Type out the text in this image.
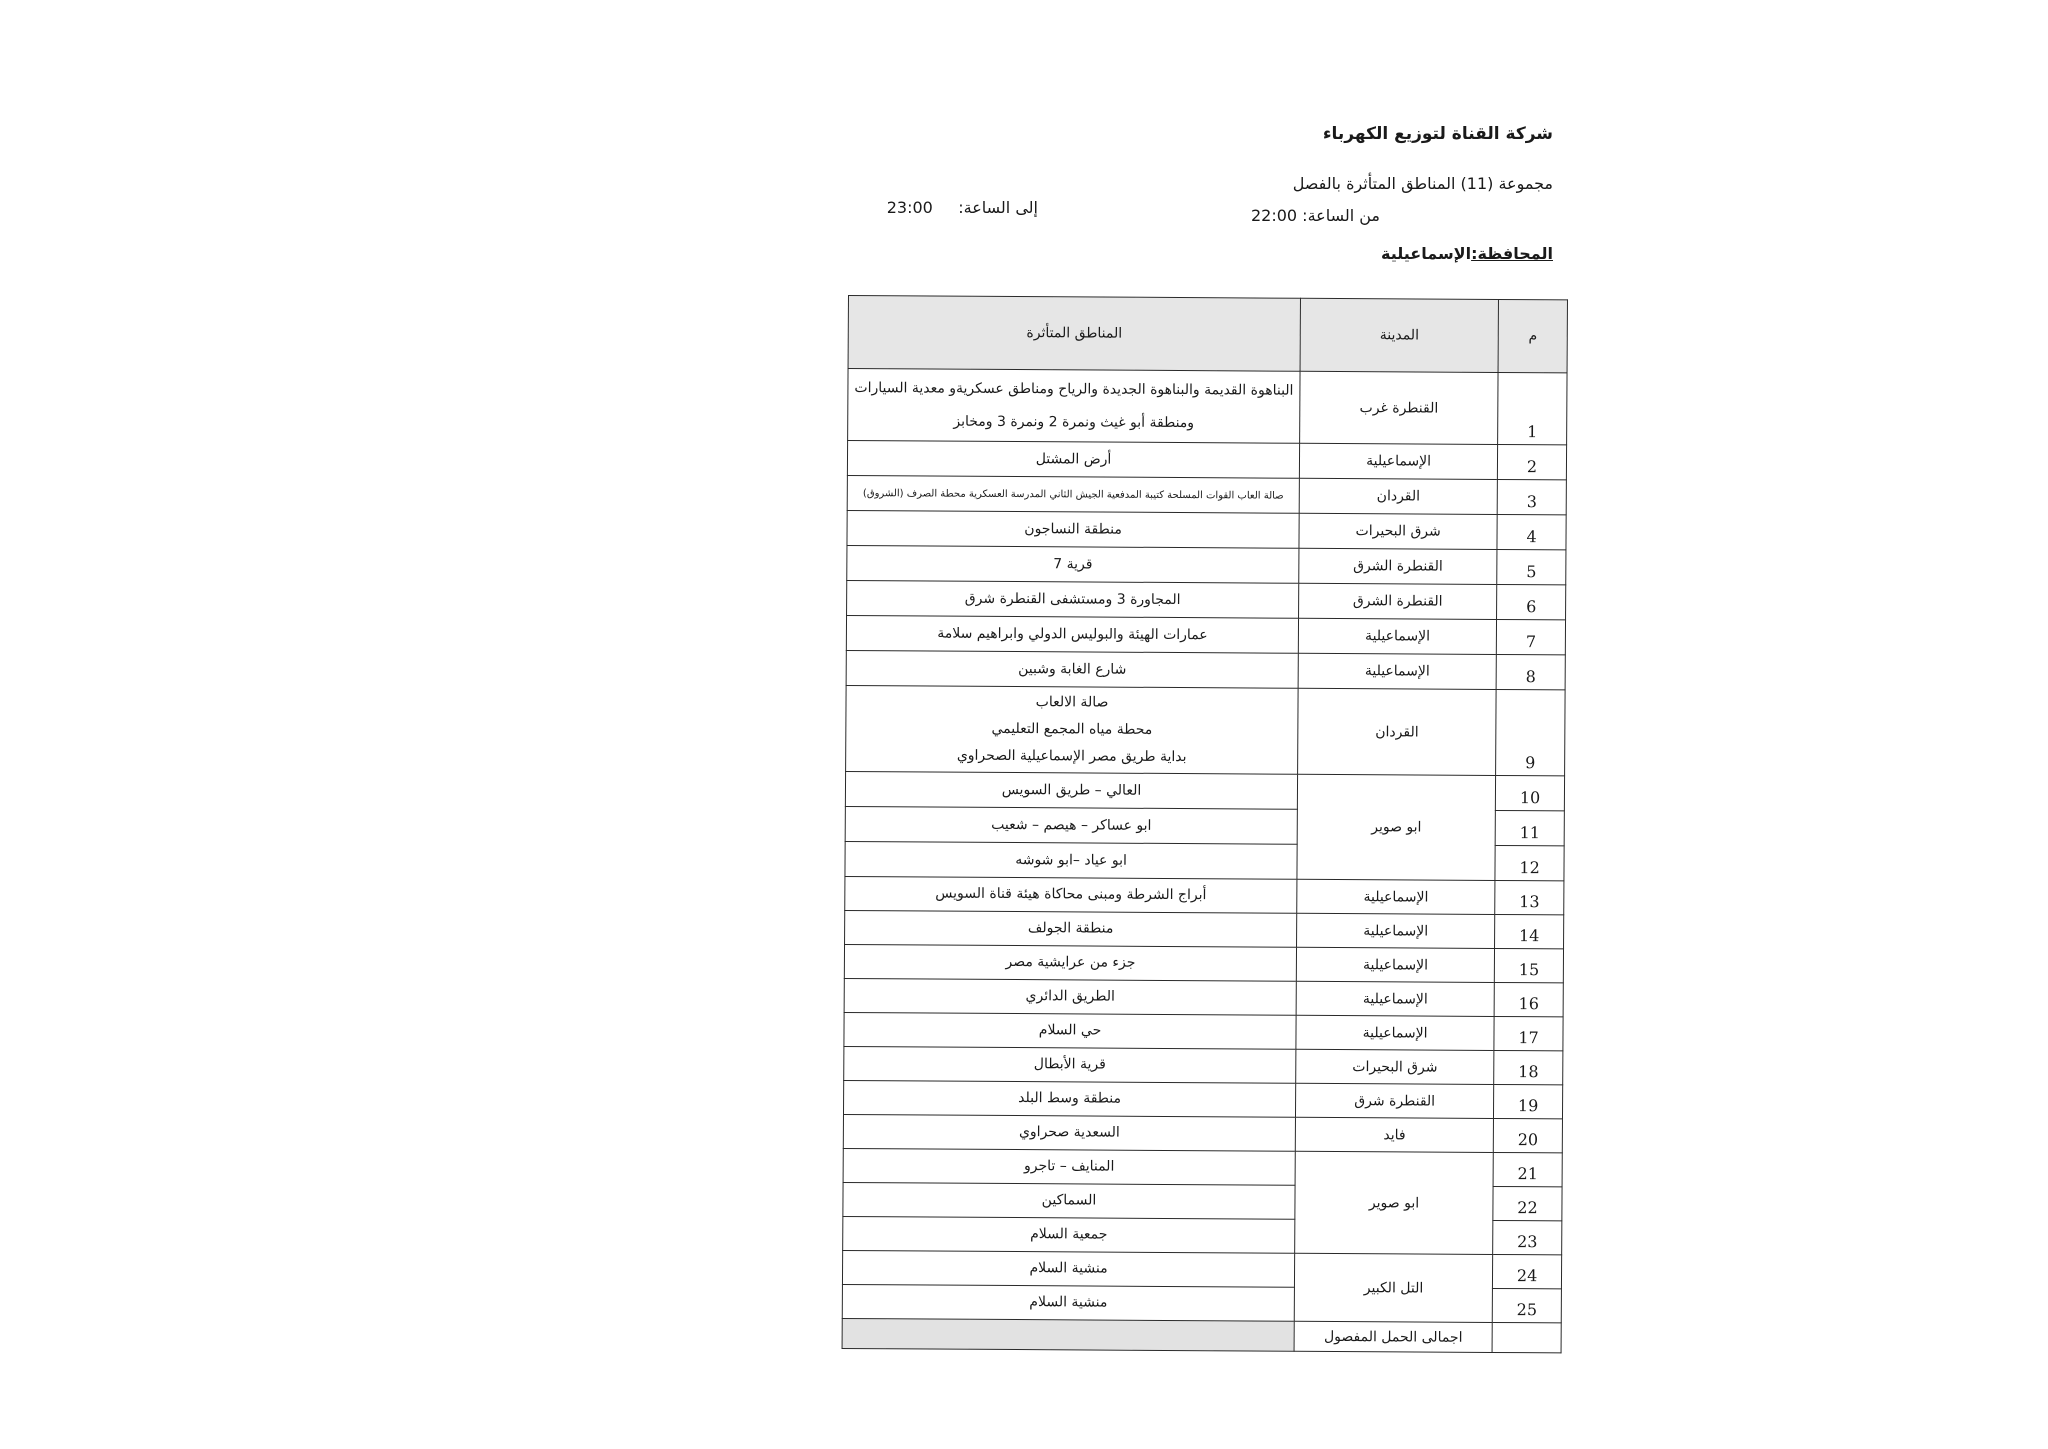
شركة القناة لتوزيع الكهرباء
مجموعة (11) المناطق المتأثرة بالفصل
من الساعة: 22:00
إلى الساعة:     23:00
المحافظة:الإسماعيلية
م	المدينة	المناطق المتأثرة
1	القنطرة غرب	البناهوة القديمة والبناهوة الجديدة والرياح ومناطق عسكريةو معدية السيارات
ومنطقة أبو غيث ونمرة 2 ونمرة 3 ومخابز

2	الإسماعيلية	أرض المشتل
3	القردان	صالة العاب القوات المسلحة كتيبة المدفعية الجيش الثاني المدرسة العسكرية محطة الصرف (الشروق)
4	شرق البحيرات	منطقة النساجون
5	القنطرة الشرق	قرية 7
6	القنطرة الشرق	المجاورة 3 ومستشفى القنطرة شرق
7	الإسماعيلية	عمارات الهيئة والبوليس الدولي وابراهيم سلامة
8	الإسماعيلية	شارع الغابة وشبين
9	القردان	صالة الالعاب
محطة مياه المجمع التعليمي
بداية طريق مصر الإسماعيلية الصحراوي

10	ابو صوير	العالي – طريق السويس
11		ابو عساكر – هيصم – شعيب
12		ابو عياد –ابو شوشه
13	الإسماعيلية	أبراج الشرطة ومبنى محاكاة هيئة قناة السويس
14	الإسماعيلية	منطقة الجولف
15	الإسماعيلية	جزء من عرايشية مصر
16	الإسماعيلية	الطريق الدائري
17	الإسماعيلية	حي السلام
18	شرق البحيرات	قرية الأبطال
19	القنطرة شرق	منطقة وسط البلد
20	فايد	السعدية صحراوي
21	ابو صوير	المنايف – تاجرو
22		السماكين
23		جمعية السلام
24	التل الكبير	منشية السلام
25		منشية السلام
	اجمالى الحمل المفصول	
